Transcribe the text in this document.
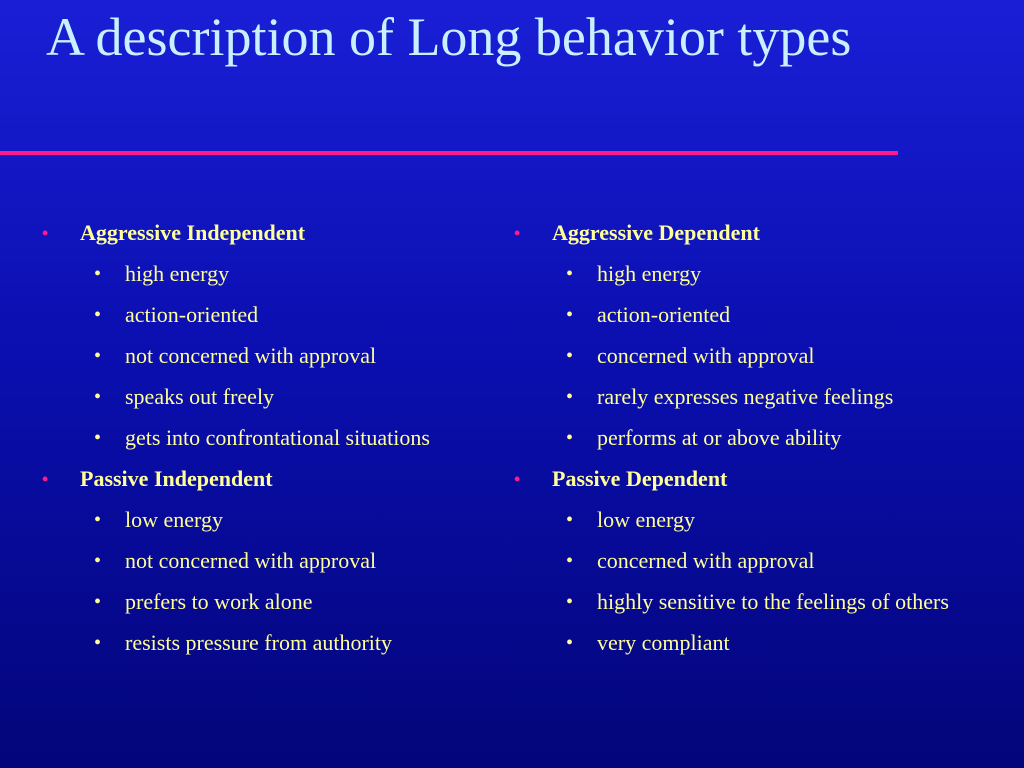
A description of Long behavior types
•	Aggressive Independent
• high energy
• action-oriented
• not concerned with approval
• speaks out freely
• gets into confrontational situations
•	Passive Independent
• low energy
• not concerned with approval
• prefers to work alone
• resists pressure from authority
•	Aggressive Dependent
• high energy
• action-oriented
• concerned with approval
• rarely expresses negative feelings
• performs at or above ability
•	Passive Dependent
• low energy
• concerned with approval
• highly sensitive to the feelings of others
• very compliant
